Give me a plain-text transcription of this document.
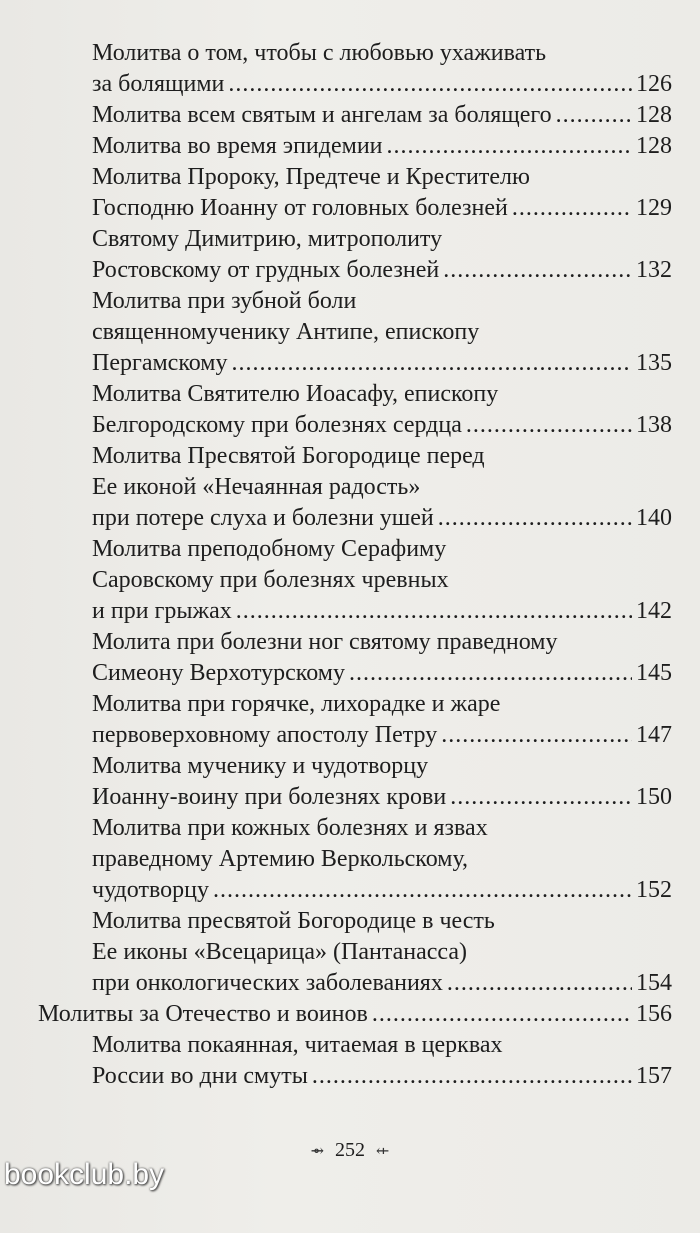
Молитва о том, чтобы с любовью ухаживать
за болящими .....	126
Молитва всем святым и ангелам за болящего .....	128
Молитва во время эпидемии .....	128
Молитва Пророку, Предтече и Крестителю
Господню Иоанну от головных болезней .....	129
Святому Димитрию, митрополиту
Ростовскому от грудных болезней .....	132
Молитва при зубной боли
священномученику Антипе, епископу
Пергамскому .....	135
Молитва Святителю Иоасафу, епископу
Белгородскому при болезнях сердца .....	138
Молитва Пресвятой Богородице перед
Ее иконой «Нечаянная радость»
при потере слуха и болезни ушей .....	140
Молитва преподобному Серафиму
Саровскому при болезнях чревных
и при грыжах .....	142
Молита при болезни ног святому праведному
Симеону Верхотурскому .....	145
Молитва при горячке, лихорадке и жаре
первоверховному апостолу Петру .....	147
Молитва мученику и чудотворцу
Иоанну-воину при болезнях крови .....	150
Молитва при кожных болезнях и язвах
праведному Артемию Веркольскому,
чудотворцу .....	152
Молитва пресвятой Богородице в честь
Ее иконы «Всецарица» (Пантанасса)
при онкологических заболеваниях .....	154
Молитвы за Отечество и воинов .....	156
Молитва покаянная, читаемая в церквах
России во дни смуты .....	157
⇴ 252 ⇷
bookclub.by
